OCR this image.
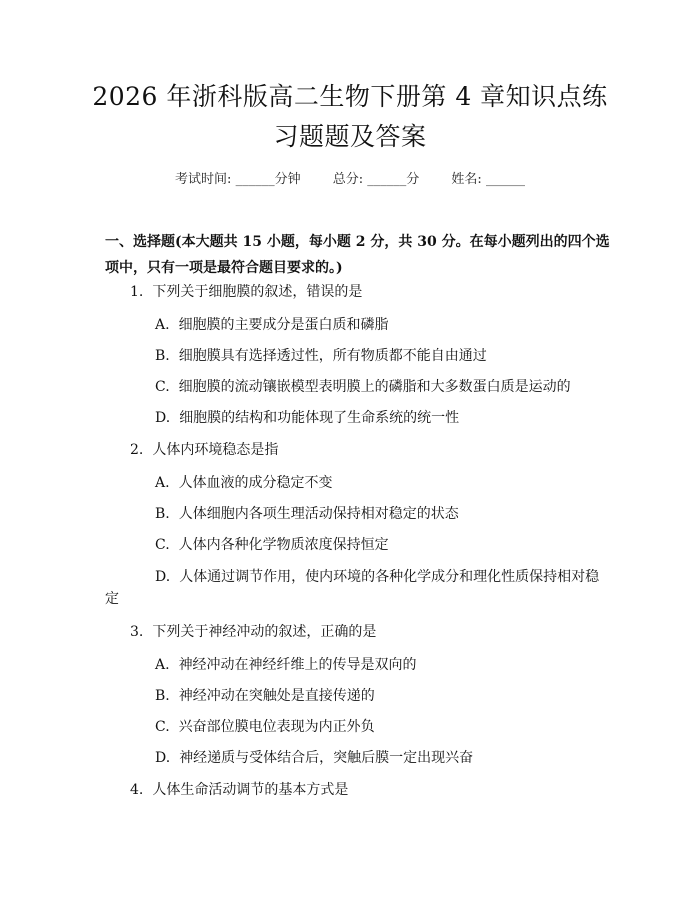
2026 年浙科版高二生物下册第 4 章知识点练
习题题及答案
考试时间: ______分钟 总分: ______分 姓名: ______
一、选择题(本大题共 15 小题，每小题 2 分，共 30 分。在每小题列出的四个选
项中，只有一项是最符合题目要求的。)
1. 下列关于细胞膜的叙述，错误的是
A. 细胞膜的主要成分是蛋白质和磷脂
B. 细胞膜具有选择透过性，所有物质都不能自由通过
C. 细胞膜的流动镶嵌模型表明膜上的磷脂和大多数蛋白质是运动的
D. 细胞膜的结构和功能体现了生命系统的统一性
2. 人体内环境稳态是指
A. 人体血液的成分稳定不变
B. 人体细胞内各项生理活动保持相对稳定的状态
C. 人体内各种化学物质浓度保持恒定
D. 人体通过调节作用，使内环境的各种化学成分和理化性质保持相对稳
定
3. 下列关于神经冲动的叙述，正确的是
A. 神经冲动在神经纤维上的传导是双向的
B. 神经冲动在突触处是直接传递的
C. 兴奋部位膜电位表现为内正外负
D. 神经递质与受体结合后，突触后膜一定出现兴奋
4. 人体生命活动调节的基本方式是
